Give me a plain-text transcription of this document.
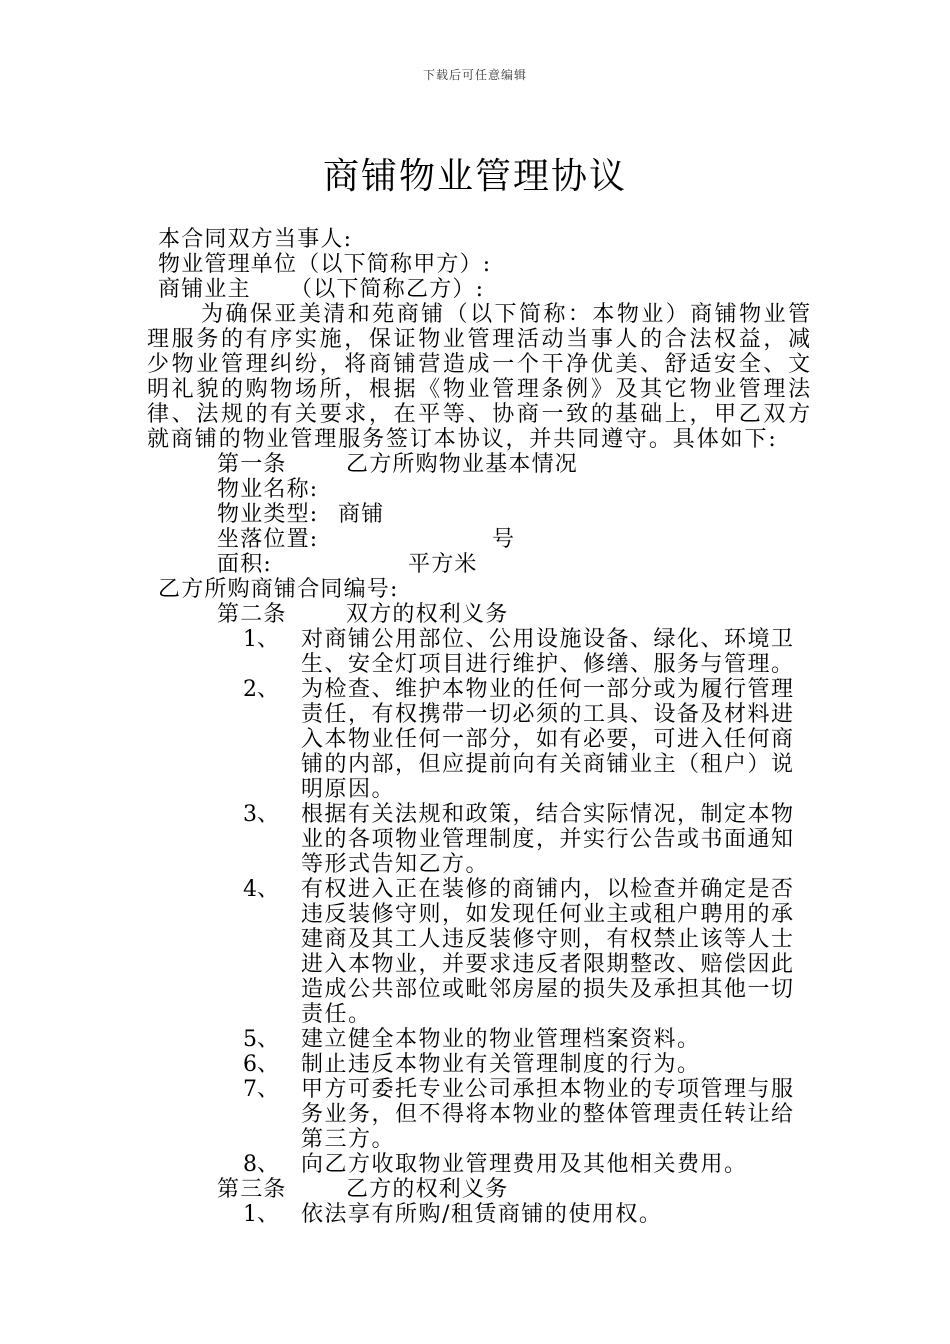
下载后可任意编辑
商铺物业管理协议
本合同双方当事人:
物业管理单位（以下简称甲方）:
商铺业主 （以下简称乙方）:
为确保亚美清和苑商铺（以下简称：本物业）商铺物业管理服务的有序实施，保证物业管理活动当事人的合法权益，减少物业管理纠纷，将商铺营造成一个干净优美、舒适安全、文明礼貌的购物场所，根据《物业管理条例》及其它物业管理法律、法规的有关要求，在平等、协商一致的基础上，甲乙双方就商铺的物业管理服务签订本协议，并共同遵守。具体如下:
第一条	乙方所购物业基本情况
物业名称:
物业类型: 商铺
坐落位置:	号
面积:	平方米
乙方所购商铺合同编号:
第二条	双方的权利义务
1、 对商铺公用部位、公用设施设备、绿化、环境卫生、安全灯项目进行维护、修缮、服务与管理。
2、 为检查、维护本物业的任何一部分或为履行管理责任，有权携带一切必须的工具、设备及材料进入本物业任何一部分，如有必要，可进入任何商铺的内部，但应提前向有关商铺业主（租户）说明原因。
3、 根据有关法规和政策，结合实际情况，制定本物业的各项物业管理制度，并实行公告或书面通知等形式告知乙方。
4、 有权进入正在装修的商铺内，以检查并确定是否违反装修守则，如发现任何业主或租户聘用的承建商及其工人违反装修守则，有权禁止该等人士进入本物业，并要求违反者限期整改、赔偿因此造成公共部位或毗邻房屋的损失及承担其他一切责任。
5、 建立健全本物业的物业管理档案资料。
6、 制止违反本物业有关管理制度的行为。
7、 甲方可委托专业公司承担本物业的专项管理与服务业务，但不得将本物业的整体管理责任转让给第三方。
8、 向乙方收取物业管理费用及其他相关费用。
第三条	乙方的权利义务
1、 依法享有所购/租赁商铺的使用权。
